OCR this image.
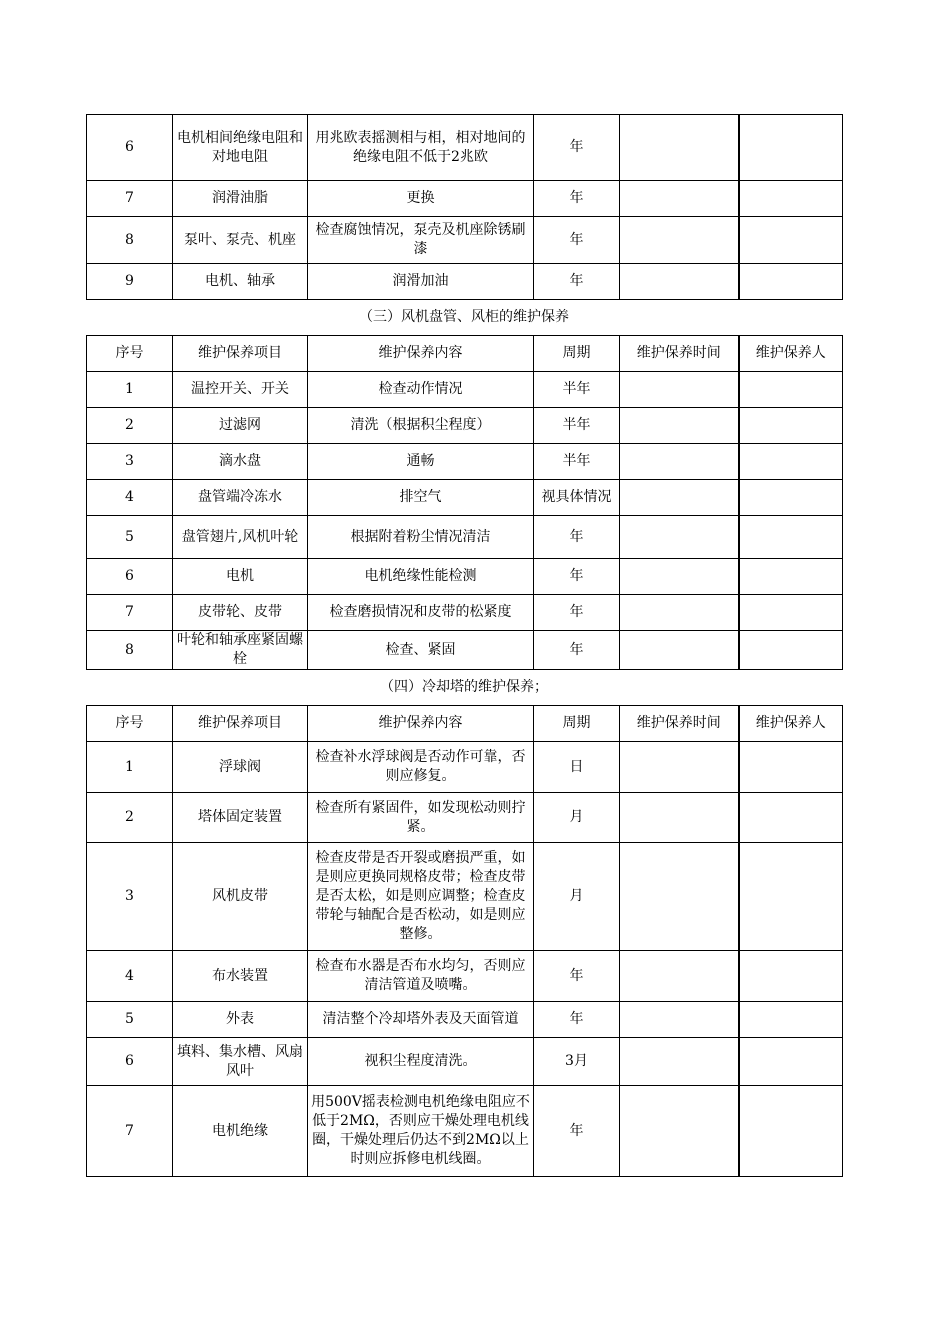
6	电机相间绝缘电阻和对地电阻	用兆欧表摇测相与相，相对地间的绝缘电阻不低于2兆欧	年		
7	润滑油脂	更换	年		
8	泵叶、泵壳、机座	检查腐蚀情况，泵壳及机座除锈刷漆	年		
9	电机、轴承	润滑加油	年		
（三）风机盘管、风柜的维护保养
序号	维护保养项目	维护保养内容	周期	维护保养时间	维护保养人
1	温控开关、开关	检查动作情况	半年		
2	过滤网	清洗（根据积尘程度）	半年		
3	滴水盘	通畅	半年		
4	盘管端冷冻水	排空气	视具体情况		
5	盘管翅片,风机叶轮	根据附着粉尘情况清洁	年		
6	电机	电机绝缘性能检测	年		
7	皮带轮、皮带	检查磨损情况和皮带的松紧度	年		
8	叶轮和轴承座紧固螺栓	检查、紧固	年		
（四）冷却塔的维护保养；
序号	维护保养项目	维护保养内容	周期	维护保养时间	维护保养人
1	浮球阀	检查补水浮球阀是否动作可靠，否则应修复。	日		
2	塔体固定装置	检查所有紧固件，如发现松动则拧紧。	月		
3	风机皮带	检查皮带是否开裂或磨损严重，如是则应更换同规格皮带；检查皮带是否太松，如是则应调整；检查皮带轮与轴配合是否松动，如是则应整修。	月		
4	布水装置	检查布水器是否布水均匀，否则应清洁管道及喷嘴。	年		
5	外表	清洁整个冷却塔外表及天面管道	年		
6	填料、集水槽、风扇风叶	视积尘程度清洗。	3月		
7	电机绝缘	用500V摇表检测电机绝缘电阻应不低于2MΩ，否则应干燥处理电机线圈，干燥处理后仍达不到2MΩ以上时则应拆修电机线圈。	年		
